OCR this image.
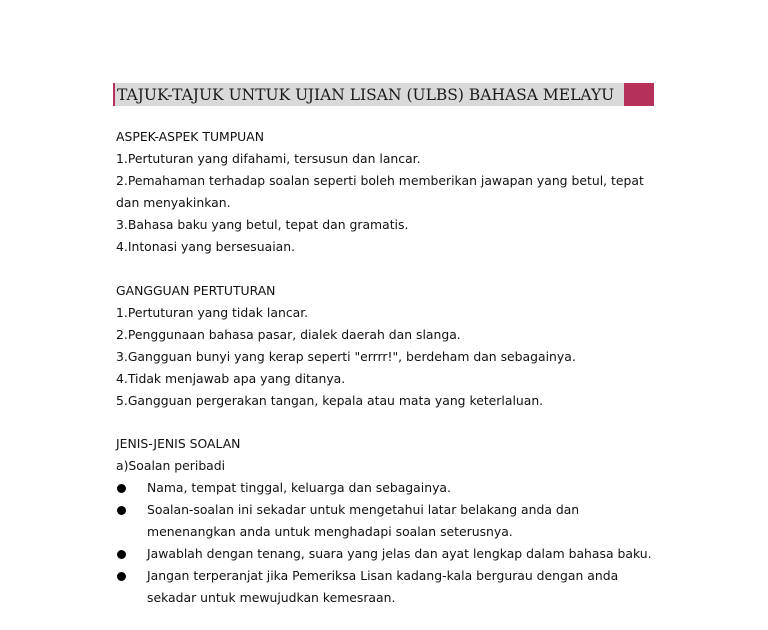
TAJUK-TAJUK UNTUK UJIAN LISAN (ULBS) BAHASA MELAYU
ASPEK-ASPEK TUMPUAN
1.Pertuturan yang difahami, tersusun dan lancar.
2.Pemahaman terhadap soalan seperti boleh memberikan jawapan yang betul, tepat
dan menyakinkan.
3.Bahasa baku yang betul, tepat dan gramatis.
4.Intonasi yang bersesuaian.
GANGGUAN PERTUTURAN
1.Pertuturan yang tidak lancar.
2.Penggunaan bahasa pasar, dialek daerah dan slanga.
3.Gangguan bunyi yang kerap seperti "errrr!", berdeham dan sebagainya.
4.Tidak menjawab apa yang ditanya.
5.Gangguan pergerakan tangan, kepala atau mata yang keterlaluan.
JENIS-JENIS SOALAN
a)Soalan peribadi
Nama, tempat tinggal, keluarga dan sebagainya.
Soalan-soalan ini sekadar untuk mengetahui latar belakang anda dan
menenangkan anda untuk menghadapi soalan seterusnya.
Jawablah dengan tenang, suara yang jelas dan ayat lengkap dalam bahasa baku.
Jangan terperanjat jika Pemeriksa Lisan kadang-kala bergurau dengan anda
sekadar untuk mewujudkan kemesraan.
